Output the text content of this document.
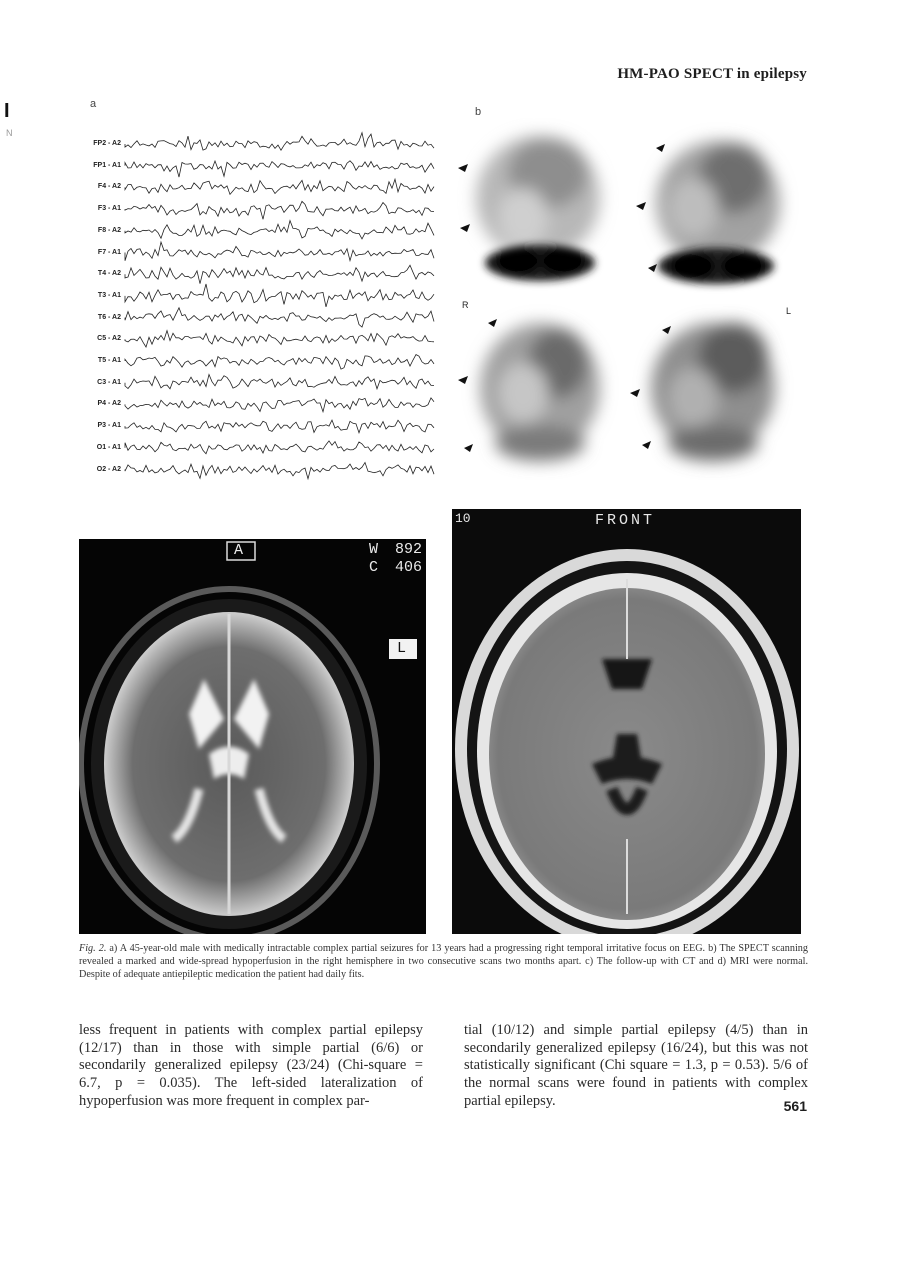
I
N
HM-PAO SPECT in epilepsy
a
b
FP2 - A2
FP1 - A1
F4 - A2
F3 - A1
F8 - A2
F7 - A1
T4 - A2
T3 - A1
T6 - A2
C5 - A2
T5 - A1
C3 - A1
P4 - A2
P3 - A1
O1 - A1
O2 - A2
R
L
A	W 892
C 406
L
FRONT
10
Fig. 2. a) A 45-year-old male with medically intractable complex partial seizures for 13 years had a progressing right temporal irritative focus on EEG. b) The SPECT scanning revealed a marked and wide-spread hypoperfusion in the right hemisphere in two consecutive scans two months apart. c) The follow-up with CT and d) MRI were normal. Despite of adequate antiepileptic medication the patient had daily fits.
less frequent in patients with complex partial epilepsy (12/17) than in those with simple partial (6/6) or secondarily generalized epilepsy (23/24) (Chi-square = 6.7, p = 0.035). The left-sided lateralization of hypoperfusion was more frequent in complex par-
tial (10/12) and simple partial epilepsy (4/5) than in secondarily generalized epilepsy (16/24), but this was not statistically significant (Chi square = 1.3, p = 0.53). 5/6 of the normal scans were found in patients with complex partial epilepsy.	561
